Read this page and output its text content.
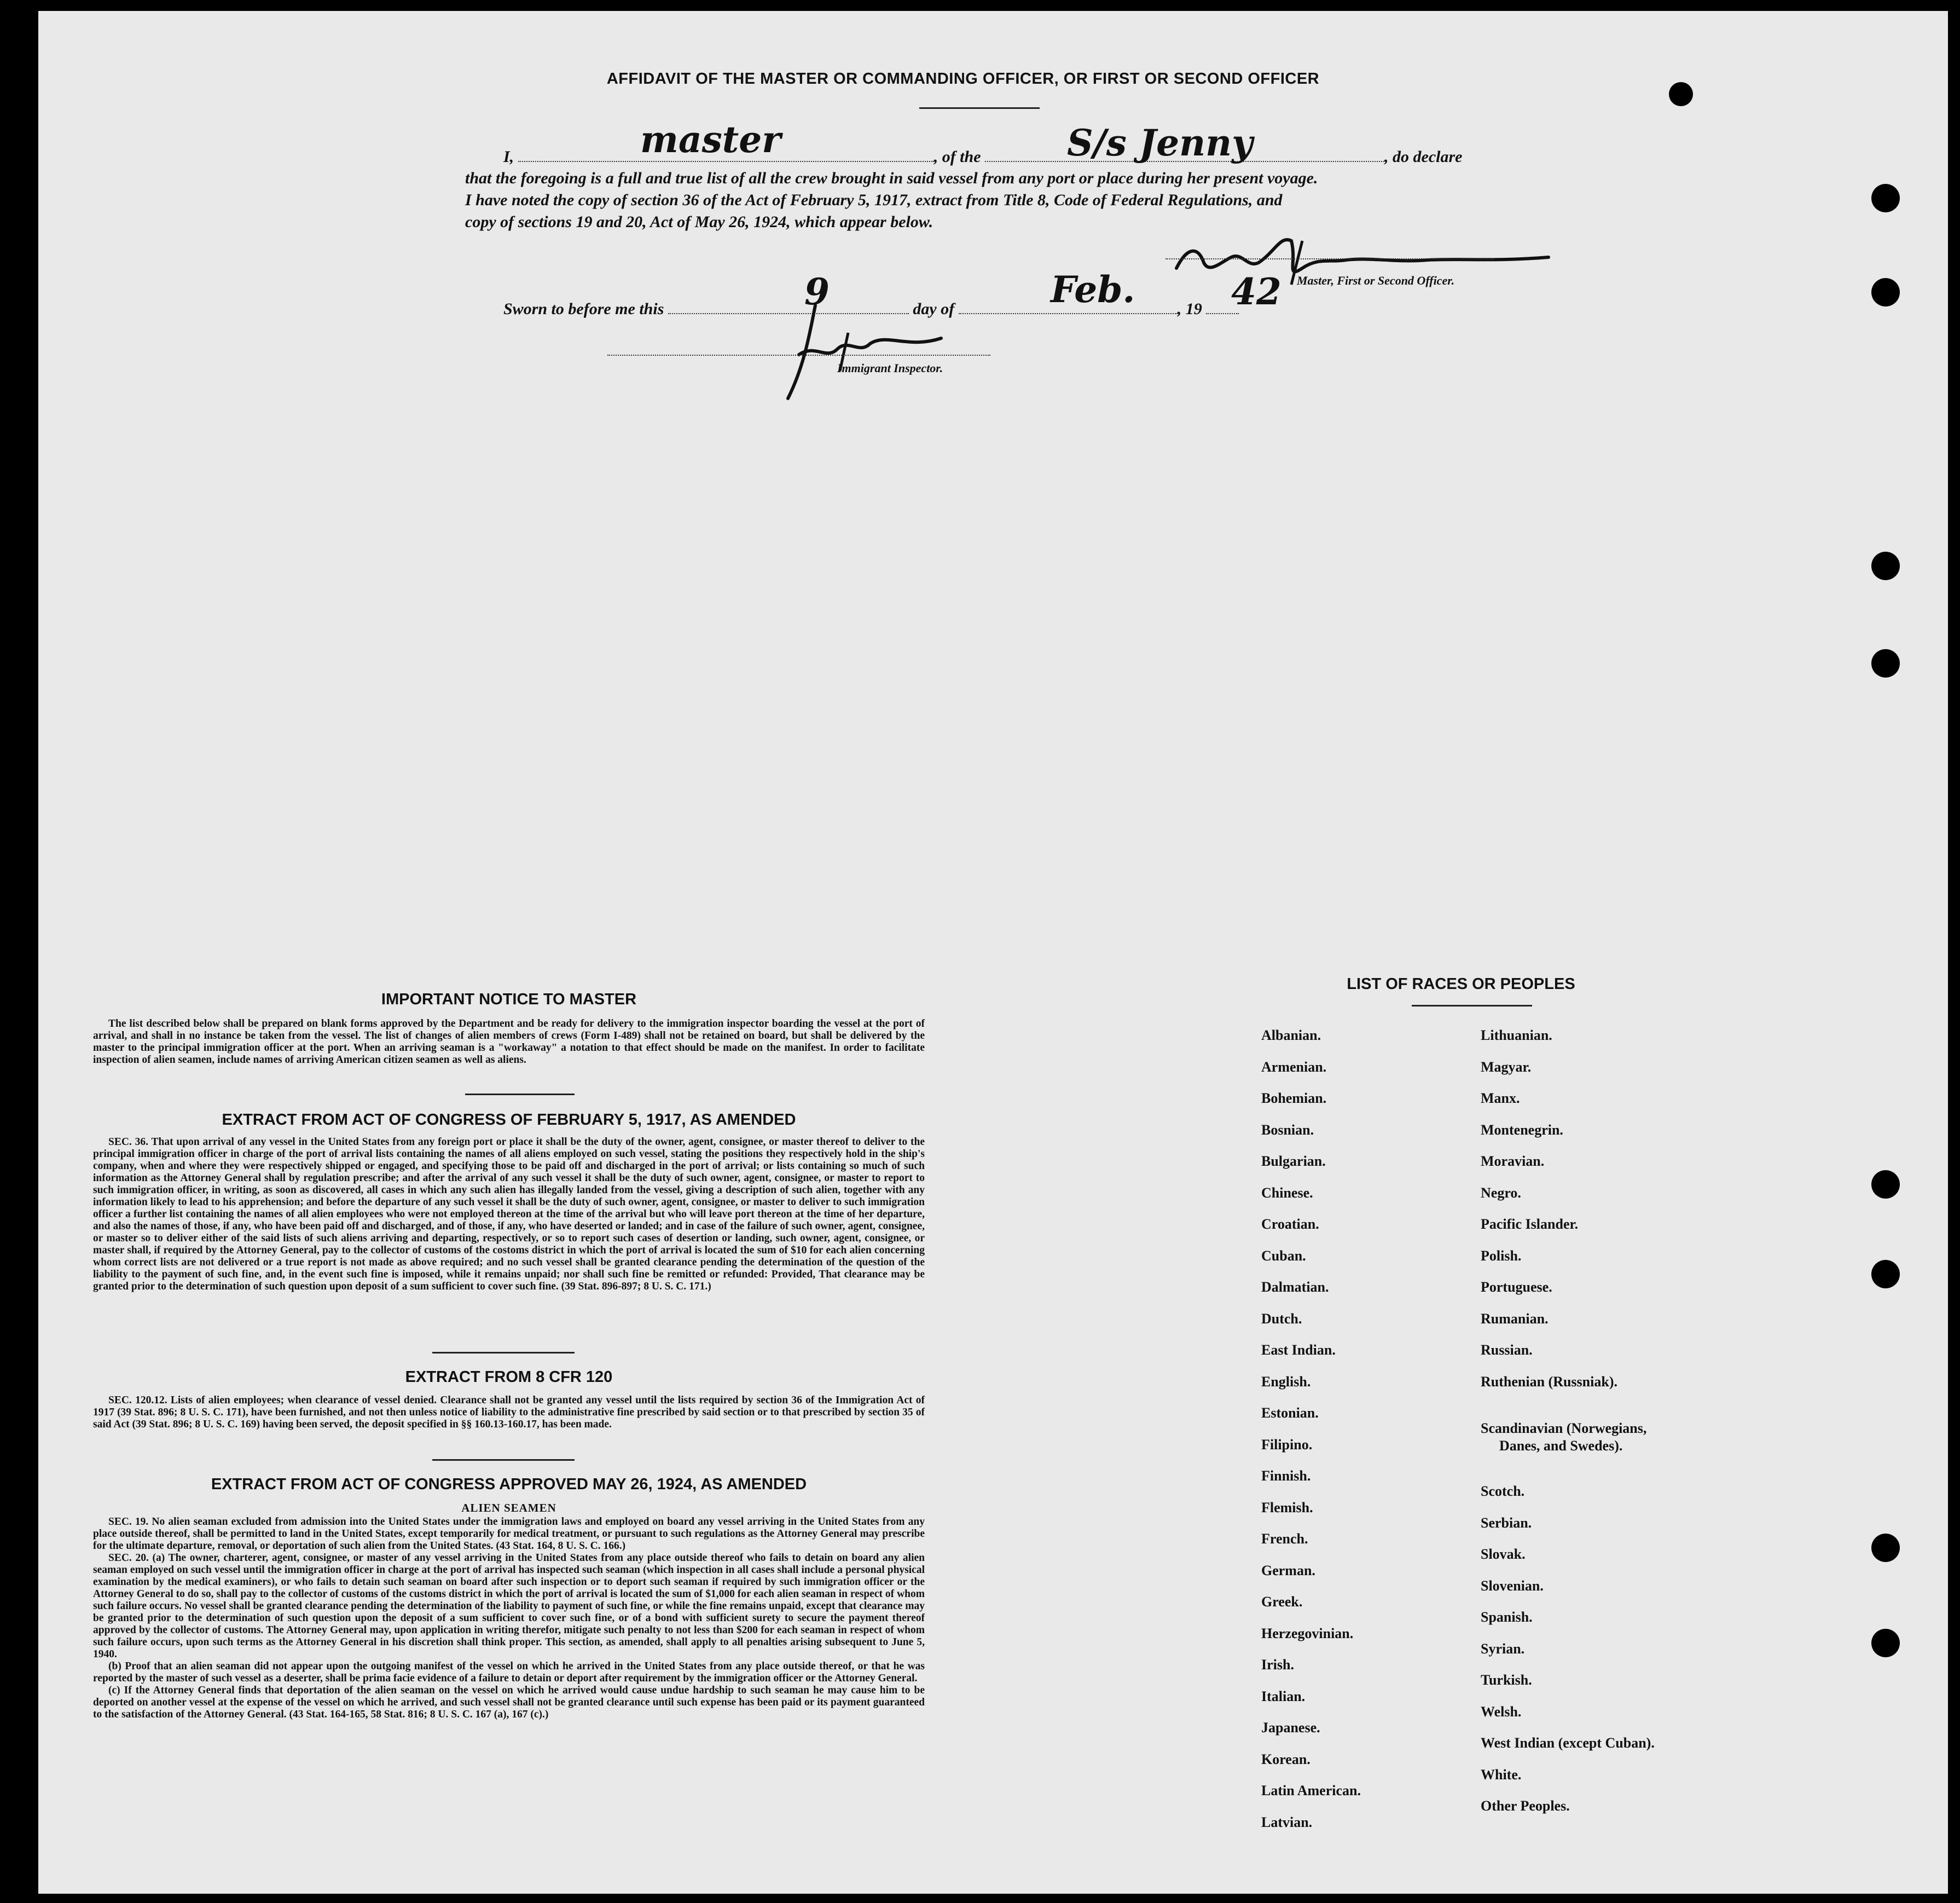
AFFIDAVIT OF THE MASTER OR COMMANDING OFFICER, OR FIRST OR SECOND OFFICER
I,	, of the	, do declare
that the foregoing is a full and true list of all the crew brought in said vessel from any port or place during her present voyage.
I have noted the copy of section 36 of the Act of February 5, 1917, extract from Title 8, Code of Federal Regulations, and
copy of sections 19 and 20, Act of May 26, 1924, which appear below.
master	S/s Jenny
Master, First or Second Officer.
Sworn to before me this	day of	, 19
9	Feb.	42
Immigrant Inspector.
IMPORTANT NOTICE TO MASTER

The list described below shall be prepared on blank forms approved by the Department and be ready for delivery to the immigration inspector boarding the vessel at the port of arrival, and shall in no instance be taken from the vessel. The list of changes of alien members of crews (Form I-489) shall not be retained on board, but shall be delivered by the master to the principal immigration officer at the port. When an arriving seaman is a "workaway" a notation to that effect should be made on the manifest. In order to facilitate inspection of alien seamen, include names of arriving American citizen seamen as well as aliens.

EXTRACT FROM ACT OF CONGRESS OF FEBRUARY 5, 1917, AS AMENDED

SEC. 36. That upon arrival of any vessel in the United States from any foreign port or place it shall be the duty of the owner, agent, consignee, or master thereof to deliver to the principal immigration officer in charge of the port of arrival lists containing the names of all aliens employed on such vessel, stating the positions they respectively hold in the ship's company, when and where they were respectively shipped or engaged, and specifying those to be paid off and discharged in the port of arrival; or lists containing so much of such information as the Attorney General shall by regulation prescribe; and after the arrival of any such vessel it shall be the duty of such owner, agent, consignee, or master to report to such immigration officer, in writing, as soon as discovered, all cases in which any such alien has illegally landed from the vessel, giving a description of such alien, together with any information likely to lead to his apprehension; and before the departure of any such vessel it shall be the duty of such owner, agent, consignee, or master to deliver to such immigration officer a further list containing the names of all alien employees who were not employed thereon at the time of the arrival but who will leave port thereon at the time of her departure, and also the names of those, if any, who have been paid off and discharged, and of those, if any, who have deserted or landed; and in case of the failure of such owner, agent, consignee, or master so to deliver either of the said lists of such aliens arriving and departing, respectively, or so to report such cases of desertion or landing, such owner, agent, consignee, or master shall, if required by the Attorney General, pay to the collector of customs of the costoms district in which the port of arrival is located the sum of $10 for each alien concerning whom correct lists are not delivered or a true report is not made as above required; and no such vessel shall be granted clearance pending the determination of the question of the liability to the payment of such fine, and, in the event such fine is imposed, while it remains unpaid; nor shall such fine be remitted or refunded: Provided, That clearance may be granted prior to the determination of such question upon deposit of a sum sufficient to cover such fine. (39 Stat. 896-897; 8 U. S. C. 171.)

EXTRACT FROM 8 CFR 120

SEC. 120.12. Lists of alien employees; when clearance of vessel denied. Clearance shall not be granted any vessel until the lists required by section 36 of the Immigration Act of 1917 (39 Stat. 896; 8 U. S. C. 171), have been furnished, and not then unless notice of liability to the administrative fine prescribed by said section or to that prescribed by section 35 of said Act (39 Stat. 896; 8 U. S. C. 169) having been served, the deposit specified in §§ 160.13-160.17, has been made.

EXTRACT FROM ACT OF CONGRESS APPROVED MAY 26, 1924, AS AMENDED

ALIEN SEAMEN

SEC. 19. No alien seaman excluded from admission into the United States under the immigration laws and employed on board any vessel arriving in the United States from any place outside thereof, shall be permitted to land in the United States, except temporarily for medical treatment, or pursuant to such regulations as the Attorney General may prescribe for the ultimate departure, removal, or deportation of such alien from the United States. (43 Stat. 164, 8 U. S. C. 166.)

SEC. 20. (a) The owner, charterer, agent, consignee, or master of any vessel arriving in the United States from any place outside thereof who fails to detain on board any alien seaman employed on such vessel until the immigration officer in charge at the port of arrival has inspected such seaman (which inspection in all cases shall include a personal physical examination by the medical examiners), or who fails to detain such seaman on board after such inspection or to deport such seaman if required by such immigration officer or the Attorney General to do so, shall pay to the collector of customs of the customs district in which the port of arrival is located the sum of $1,000 for each alien seaman in respect of whom such failure occurs. No vessel shall be granted clearance pending the determination of the liability to payment of such fine, or while the fine remains unpaid, except that clearance may be granted prior to the determination of such question upon the deposit of a sum sufficient to cover such fine, or of a bond with sufficient surety to secure the payment thereof approved by the collector of customs. The Attorney General may, upon application in writing therefor, mitigate such penalty to not less than $200 for each seaman in respect of whom such failure occurs, upon such terms as the Attorney General in his discretion shall think proper. This section, as amended, shall apply to all penalties arising subsequent to June 5, 1940.

(b) Proof that an alien seaman did not appear upon the outgoing manifest of the vessel on which he arrived in the United States from any place outside thereof, or that he was reported by the master of such vessel as a deserter, shall be prima facie evidence of a failure to detain or deport after requirement by the immigration officer or the Attorney General.

(c) If the Attorney General finds that deportation of the alien seaman on the vessel on which he arrived would cause undue hardship to such seaman he may cause him to be deported on another vessel at the expense of the vessel on which he arrived, and such vessel shall not be granted clearance until such expense has been paid or its payment guaranteed to the satisfaction of the Attorney General. (43 Stat. 164-165, 58 Stat. 816; 8 U. S. C. 167 (a), 167 (c).)

LIST OF RACES OR PEOPLES
Albanian.
Armenian.
Bohemian.
Bosnian.
Bulgarian.
Chinese.
Croatian.
Cuban.
Dalmatian.
Dutch.
East Indian.
English.
Estonian.
Filipino.
Finnish.
Flemish.
French.
German.
Greek.
Herzegovinian.
Irish.
Italian.
Japanese.
Korean.
Latin American.
Latvian.
Lithuanian.
Magyar.
Manx.
Montenegrin.
Moravian.
Negro.
Pacific Islander.
Polish.
Portuguese.
Rumanian.
Russian.
Ruthenian (Russniak).
Scandinavian (Norwegians,
Danes, and Swedes).
Scotch.
Serbian.
Slovak.
Slovenian.
Spanish.
Syrian.
Turkish.
Welsh.
West Indian (except Cuban).
White.
Other Peoples.
